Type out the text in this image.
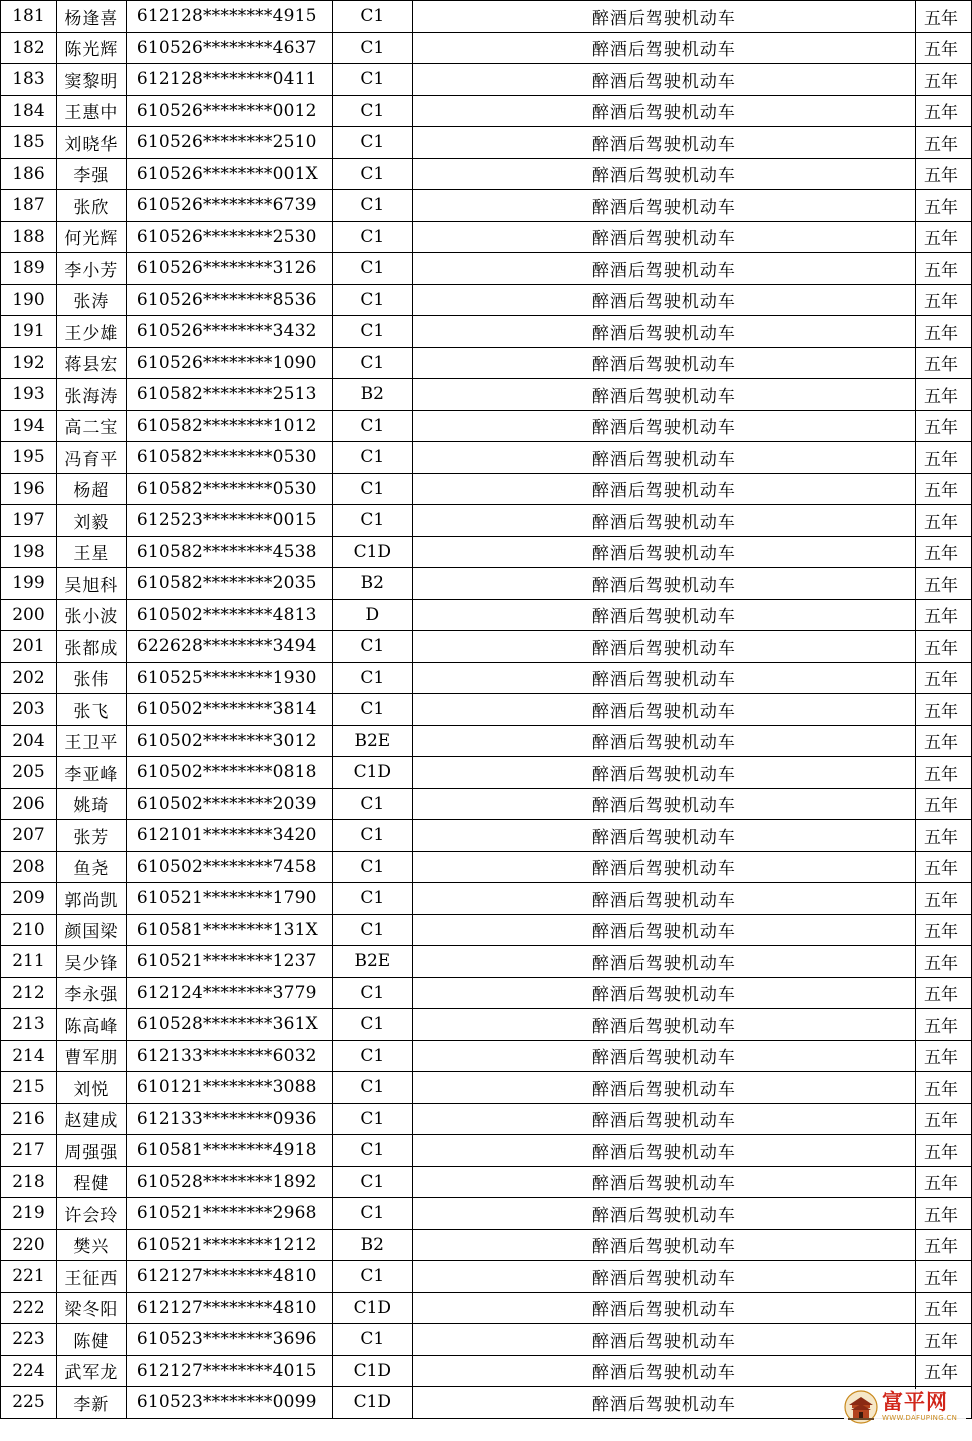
181	杨逢喜	612128********4915	C1	醉酒后驾驶机动车	五年
182	陈光辉	610526********4637	C1	醉酒后驾驶机动车	五年
183	窦黎明	612128********0411	C1	醉酒后驾驶机动车	五年
184	王惠中	610526********0012	C1	醉酒后驾驶机动车	五年
185	刘晓华	610526********2510	C1	醉酒后驾驶机动车	五年
186	李强	610526********001X	C1	醉酒后驾驶机动车	五年
187	张欣	610526********6739	C1	醉酒后驾驶机动车	五年
188	何光辉	610526********2530	C1	醉酒后驾驶机动车	五年
189	李小芳	610526********3126	C1	醉酒后驾驶机动车	五年
190	张涛	610526********8536	C1	醉酒后驾驶机动车	五年
191	王少雄	610526********3432	C1	醉酒后驾驶机动车	五年
192	蒋县宏	610526********1090	C1	醉酒后驾驶机动车	五年
193	张海涛	610582********2513	B2	醉酒后驾驶机动车	五年
194	高二宝	610582********1012	C1	醉酒后驾驶机动车	五年
195	冯育平	610582********0530	C1	醉酒后驾驶机动车	五年
196	杨超	610582********0530	C1	醉酒后驾驶机动车	五年
197	刘毅	612523********0015	C1	醉酒后驾驶机动车	五年
198	王星	610582********4538	C1D	醉酒后驾驶机动车	五年
199	吴旭科	610582********2035	B2	醉酒后驾驶机动车	五年
200	张小波	610502********4813	D	醉酒后驾驶机动车	五年
201	张都成	622628********3494	C1	醉酒后驾驶机动车	五年
202	张伟	610525********1930	C1	醉酒后驾驶机动车	五年
203	张飞	610502********3814	C1	醉酒后驾驶机动车	五年
204	王卫平	610502********3012	B2E	醉酒后驾驶机动车	五年
205	李亚峰	610502********0818	C1D	醉酒后驾驶机动车	五年
206	姚琦	610502********2039	C1	醉酒后驾驶机动车	五年
207	张芳	612101********3420	C1	醉酒后驾驶机动车	五年
208	鱼尧	610502********7458	C1	醉酒后驾驶机动车	五年
209	郭尚凯	610521********1790	C1	醉酒后驾驶机动车	五年
210	颜国梁	610581********131X	C1	醉酒后驾驶机动车	五年
211	吴少锋	610521********1237	B2E	醉酒后驾驶机动车	五年
212	李永强	612124********3779	C1	醉酒后驾驶机动车	五年
213	陈高峰	610528********361X	C1	醉酒后驾驶机动车	五年
214	曹军朋	612133********6032	C1	醉酒后驾驶机动车	五年
215	刘悦	610121********3088	C1	醉酒后驾驶机动车	五年
216	赵建成	612133********0936	C1	醉酒后驾驶机动车	五年
217	周强强	610581********4918	C1	醉酒后驾驶机动车	五年
218	程健	610528********1892	C1	醉酒后驾驶机动车	五年
219	许会玲	610521********2968	C1	醉酒后驾驶机动车	五年
220	樊兴	610521********1212	B2	醉酒后驾驶机动车	五年
221	王征西	612127********4810	C1	醉酒后驾驶机动车	五年
222	梁冬阳	612127********4810	C1D	醉酒后驾驶机动车	五年
223	陈健	610523********3696	C1	醉酒后驾驶机动车	五年
224	武军龙	612127********4015	C1D	醉酒后驾驶机动车	五年
225	李新	610523********0099	C1D	醉酒后驾驶机动车		富平网
WWW.DAFUPING.CN
